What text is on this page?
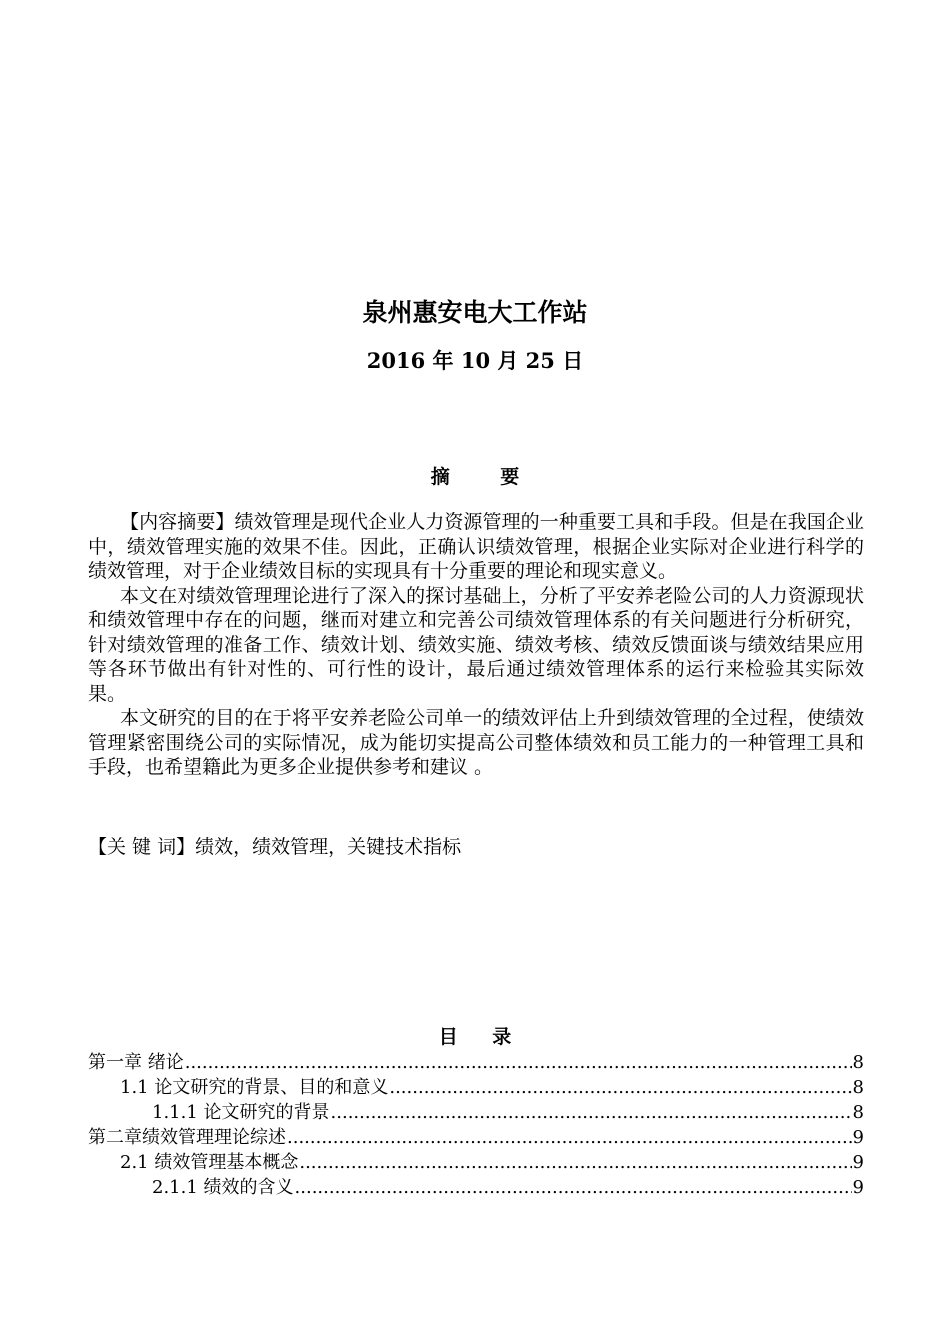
泉州惠安电大工作站
2016 年 10 月 25 日
摘 要

【内容摘要】绩效管理是现代企业人力资源管理的一种重要工具和手段。但是在我国企业中，绩效管理实施的效果不佳。因此，正确认识绩效管理，根据企业实际对企业进行科学的绩效管理，对于企业绩效目标的实现具有十分重要的理论和现实意义。

本文在对绩效管理理论进行了深入的探讨基础上，分析了平安养老险公司的人力资源现状和绩效管理中存在的问题，继而对建立和完善公司绩效管理体系的有关问题进行分析研究，针对绩效管理的准备工作、绩效计划、绩效实施、绩效考核、绩效反馈面谈与绩效结果应用等各环节做出有针对性的、可行性的设计，最后通过绩效管理体系的运行来检验其实际效果。

本文研究的目的在于将平安养老险公司单一的绩效评估上升到绩效管理的全过程，使绩效管理紧密围绕公司的实际情况，成为能切实提高公司整体绩效和员工能力的一种管理工具和手段，也希望籍此为更多企业提供参考和建议 。

【关 键 词】绩效，绩效管理，关键技术指标
目 录
第一章 绪论 .....	8
1.1 论文研究的背景、目的和意义 .....	8
1.1.1 论文研究的背景 .....	8
第二章绩效管理理论综述 .....	9
2.1 绩效管理基本概念 .....	9
2.1.1 绩效的含义 .....	9
